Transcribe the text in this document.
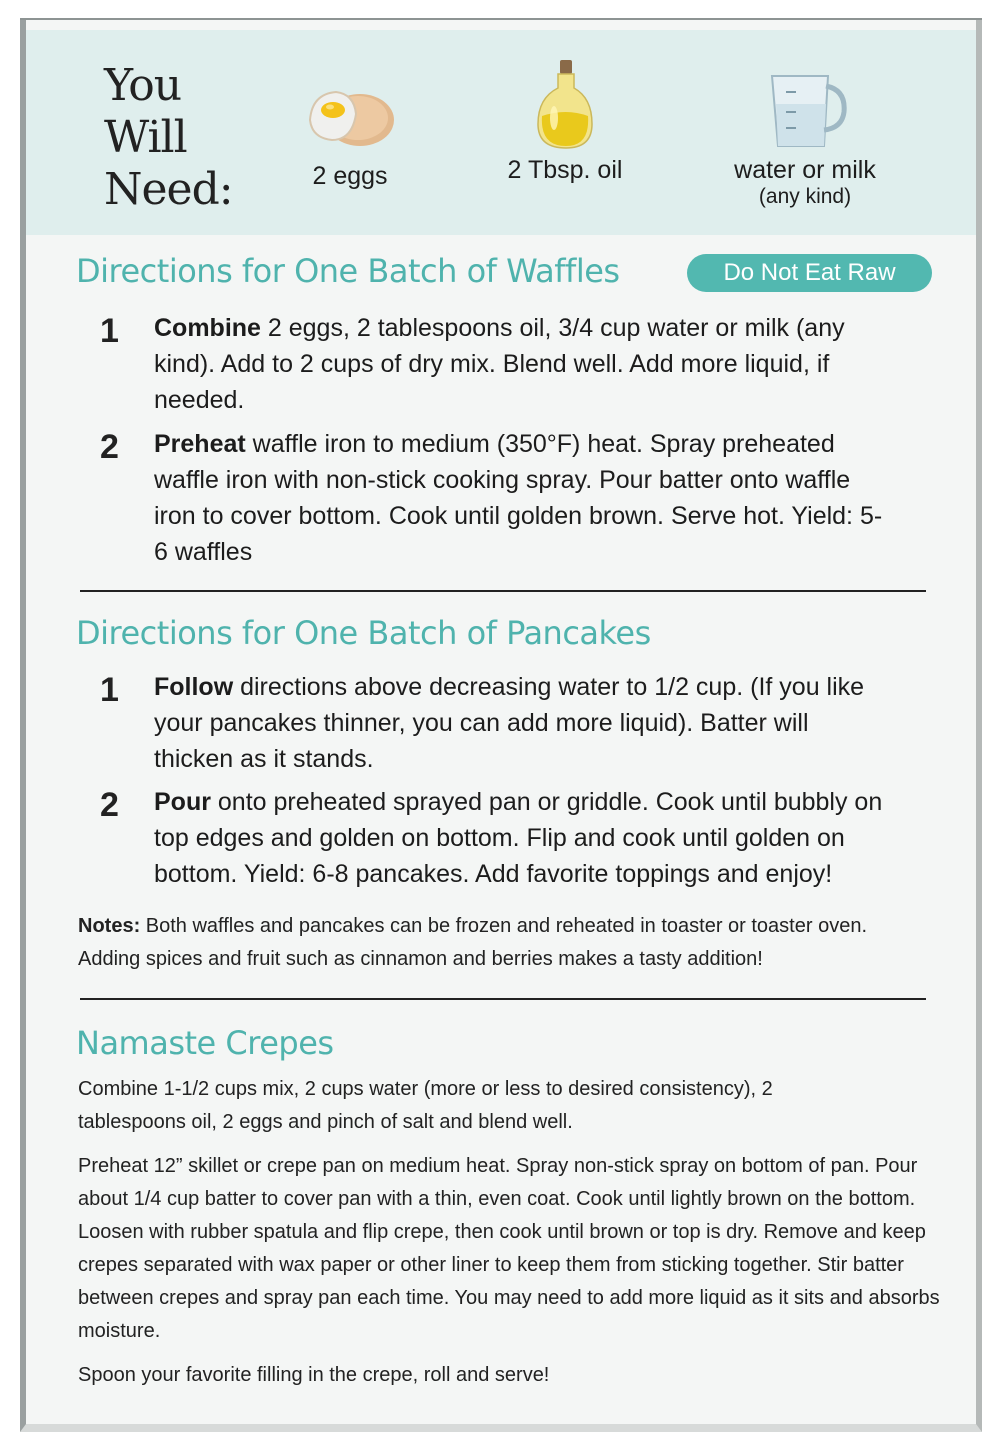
You
Will
Need:	2 eggs	2 Tbsp. oil	water or milk
(any kind)
Directions for One Batch of Waffles	Do Not Eat Raw
1 Combine 2 eggs, 2 tablespoons oil, 3/4 cup water or milk (any kind). Add to 2 cups of dry mix. Blend well. Add more liquid, if needed.
2 Preheat waffle iron to medium (350°F) heat. Spray preheated waffle iron with non-stick cooking spray. Pour batter onto waffle iron to cover bottom. Cook until golden brown. Serve hot. Yield: 5-6 waffles
Directions for One Batch of Pancakes
1 Follow directions above decreasing water to 1/2 cup. (If you like your pancakes thinner, you can add more liquid). Batter will thicken as it stands.
2 Pour onto preheated sprayed pan or griddle. Cook until bubbly on top edges and golden on bottom. Flip and cook until golden on bottom. Yield: 6-8 pancakes. Add favorite toppings and enjoy!
Notes: Both waffles and pancakes can be frozen and reheated in toaster or toaster oven. Adding spices and fruit such as cinnamon and berries makes a tasty addition!
Namaste Crepes
Combine 1-1/2 cups mix, 2 cups water (more or less to desired consistency), 2 tablespoons oil, 2 eggs and pinch of salt and blend well.
Preheat 12” skillet or crepe pan on medium heat. Spray non-stick spray on bottom of pan. Pour about 1/4 cup batter to cover pan with a thin, even coat. Cook until lightly brown on the bottom. Loosen with rubber spatula and flip crepe, then cook until brown or top is dry. Remove and keep crepes separated with wax paper or other liner to keep them from sticking together. Stir batter between crepes and spray pan each time. You may need to add more liquid as it sits and absorbs moisture.
Spoon your favorite filling in the crepe, roll and serve!
